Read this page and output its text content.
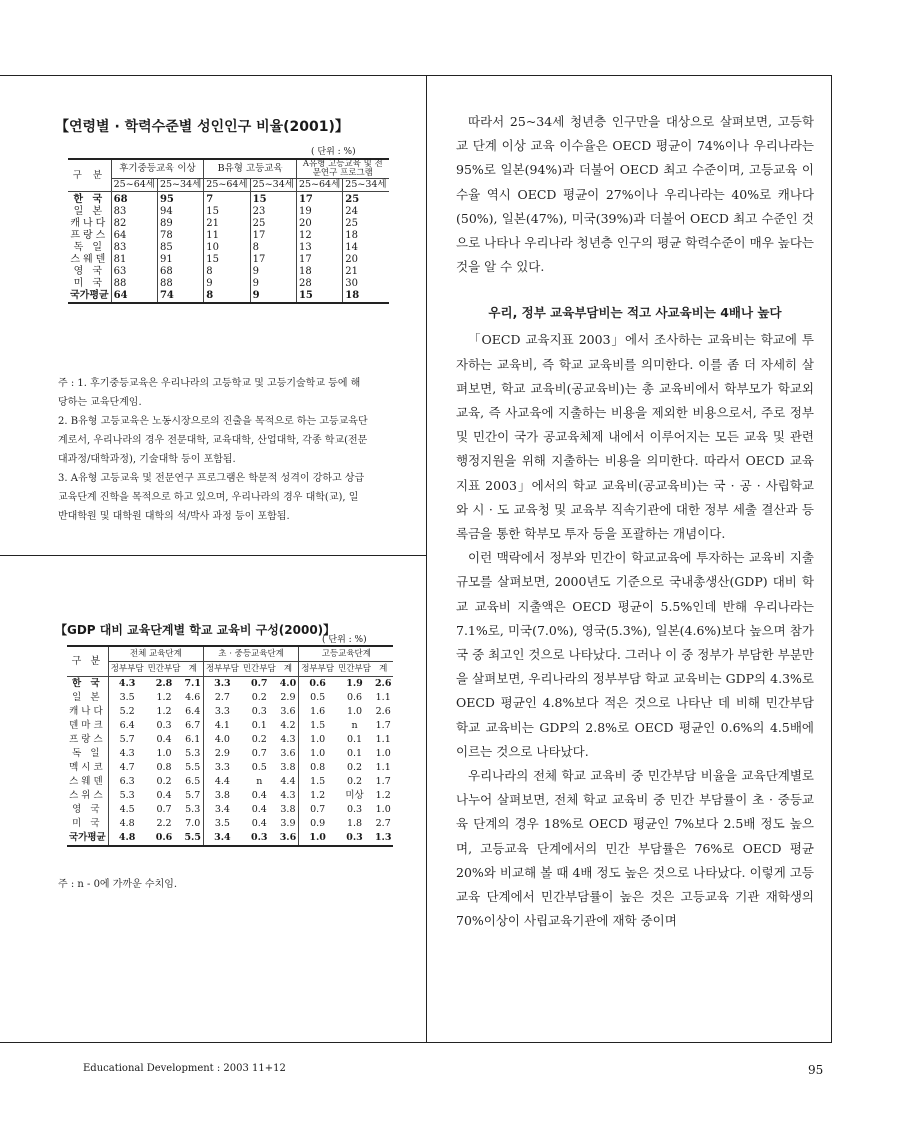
【연령별 · 학력수준별 성인인구 비율(2001)】
( 단위 : %)
구 분	후기중등교육 이상		B유형 고등교육		A유형 고등교육 및 전문연구 프로그램	
	25~64세	25~34세	25~64세	25~34세	25~64세	25~34세
한 국	68	95	7	15	17	25
일 본	83	94	15	23	19	24
캐나다	82	89	21	25	20	25
프랑스	64	78	11	17	12	18
독 일	83	85	10	8	13	14
스웨덴	81	91	15	17	17	20
영 국	63	68	8	9	18	21
미 국	88	88	9	9	28	30
국가평균	64	74	8	9	15	18
주 : 1. 후기중등교육은 우리나라의 고등학교 및 고등기술학교 등에 해당하는 교육단계임.
2. B유형 고등교육은 노동시장으로의 진출을 목적으로 하는 고등교육단계로서, 우리나라의 경우 전문대학, 교육대학, 산업대학, 각종 학교(전문대과정/대학과정), 기술대학 등이 포함됨.
3. A유형 고등교육 및 전문연구 프로그램은 학문적 성격이 강하고 상급 교육단계 진학을 목적으로 하고 있으며, 우리나라의 경우 대학(교), 일반대학원 및 대학원 대학의 석/박사 과정 등이 포함됨.
【GDP 대비 교육단계별 학교 교육비 구성(2000)】
( 단위 : %)
구 분	전체 교육단계			초 · 중등교육단계			고등교육단계		
	정부부담	민간부담	계	정부부담	민간부담	계	정부부담	민간부담	계
한 국	4.3	2.8	7.1	3.3	0.7	4.0	0.6	1.9	2.6
일 본	3.5	1.2	4.6	2.7	0.2	2.9	0.5	0.6	1.1
캐나다	5.2	1.2	6.4	3.3	0.3	3.6	1.6	1.0	2.6
덴마크	6.4	0.3	6.7	4.1	0.1	4.2	1.5	n	1.7
프랑스	5.7	0.4	6.1	4.0	0.2	4.3	1.0	0.1	1.1
독 일	4.3	1.0	5.3	2.9	0.7	3.6	1.0	0.1	1.0
멕시코	4.7	0.8	5.5	3.3	0.5	3.8	0.8	0.2	1.1
스웨덴	6.3	0.2	6.5	4.4	n	4.4	1.5	0.2	1.7
스위스	5.3	0.4	5.7	3.8	0.4	4.3	1.2	미상	1.2
영 국	4.5	0.7	5.3	3.4	0.4	3.8	0.7	0.3	1.0
미 국	4.8	2.2	7.0	3.5	0.4	3.9	0.9	1.8	2.7
국가평균	4.8	0.6	5.5	3.4	0.3	3.6	1.0	0.3	1.3
주 : n - 0에 가까운 수치임.

따라서 25~34세 청년층 인구만을 대상으로 살펴보면, 고등학교 단계 이상 교육 이수율은 OECD 평균이 74%이나 우리나라는 95%로 일본(94%)과 더불어 OECD 최고 수준이며, 고등교육 이수율 역시 OECD 평균이 27%이나 우리나라는 40%로 캐나다(50%), 일본(47%), 미국(39%)과 더불어 OECD 최고 수준인 것으로 나타나 우리나라 청년층 인구의 평균 학력수준이 매우 높다는 것을 알 수 있다.

우리, 정부 교육부담비는 적고 사교육비는 4배나 높다

「OECD 교육지표 2003」에서 조사하는 교육비는 학교에 투자하는 교육비, 즉 학교 교육비를 의미한다. 이를 좀 더 자세히 살펴보면, 학교 교육비(공교육비)는 총 교육비에서 학부모가 학교외교육, 즉 사교육에 지출하는 비용을 제외한 비용으로서, 주로 정부 및 민간이 국가 공교육체제 내에서 이루어지는 모든 교육 및 관련 행정지원을 위해 지출하는 비용을 의미한다. 따라서 OECD 교육지표 2003」에서의 학교 교육비(공교육비)는 국 · 공 · 사립학교와 시 · 도 교육청 및 교육부 직속기관에 대한 정부 세출 결산과 등록금을 통한 학부모 투자 등을 포괄하는 개념이다.

이런 맥락에서 정부와 민간이 학교교육에 투자하는 교육비 지출 규모를 살펴보면, 2000년도 기준으로 국내총생산(GDP) 대비 학교 교육비 지출액은 OECD 평균이 5.5%인데 반해 우리나라는 7.1%로, 미국(7.0%), 영국(5.3%), 일본(4.6%)보다 높으며 참가국 중 최고인 것으로 나타났다. 그러나 이 중 정부가 부담한 부분만을 살펴보면, 우리나라의 정부부담 학교 교육비는 GDP의 4.3%로 OECD 평균인 4.8%보다 적은 것으로 나타난 데 비해 민간부담 학교 교육비는 GDP의 2.8%로 OECD 평균인 0.6%의 4.5배에 이르는 것으로 나타났다.

우리나라의 전체 학교 교육비 중 민간부담 비율을 교육단계별로 나누어 살펴보면, 전체 학교 교육비 중 민간 부담률이 초 · 중등교육 단계의 경우 18%로 OECD 평균인 7%보다 2.5배 정도 높으며, 고등교육 단계에서의 민간 부담률은 76%로 OECD 평균 20%와 비교해 볼 때 4배 정도 높은 것으로 나타났다. 이렇게 고등교육 단계에서 민간부담률이 높은 것은 고등교육 기관 재학생의 70%이상이 사립교육기관에 재학 중이며

Educational Development : 2003 11+12	95
